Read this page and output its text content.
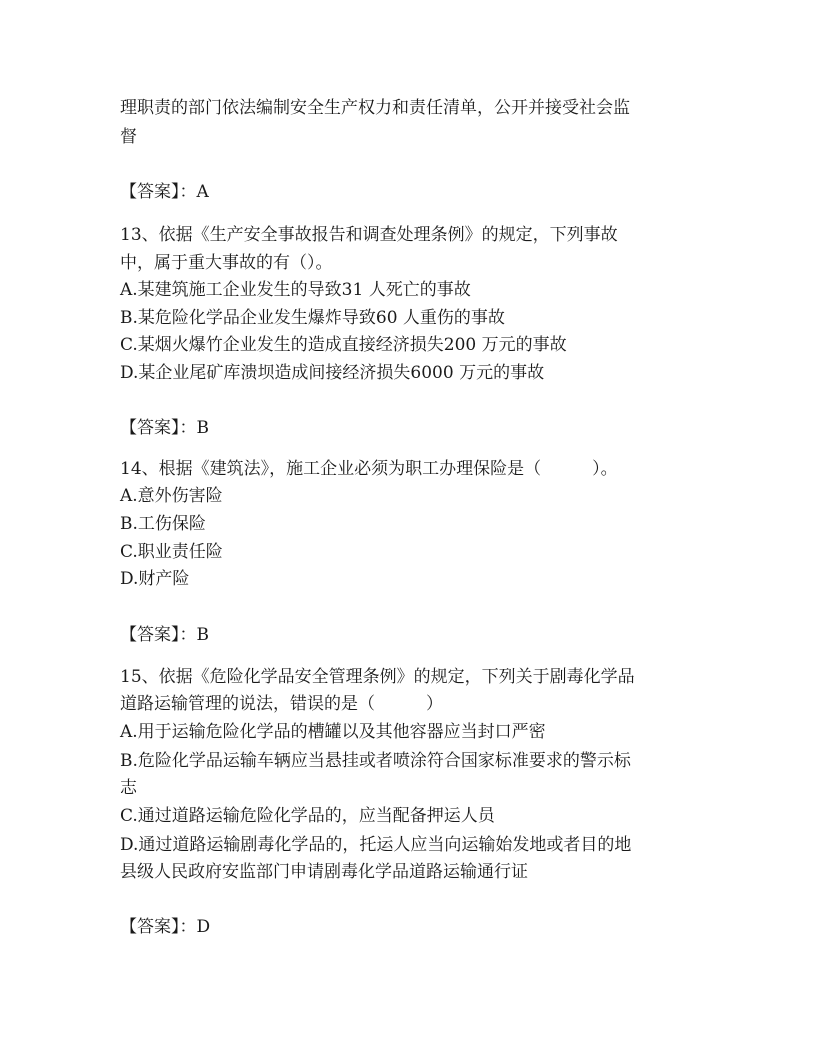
理职责的部门依法编制安全生产权力和责任清单，公开并接受社会监
督
【答案】：A
13、依据《生产安全事故报告和调查处理条例》的规定，下列事故
中，属于重大事故的有（）。
A.某建筑施工企业发生的导致31 人死亡的事故
B.某危险化学品企业发生爆炸导致60 人重伤的事故
C.某烟火爆竹企业发生的造成直接经济损失200 万元的事故
D.某企业尾矿库溃坝造成间接经济损失6000 万元的事故
【答案】：B
14、根据《建筑法》，施工企业必须为职工办理保险是（　　　）。
A.意外伤害险
B.工伤保险
C.职业责任险
D.财产险
【答案】：B
15、依据《危险化学品安全管理条例》的规定，下列关于剧毒化学品
道路运输管理的说法，错误的是（　　　）
A.用于运输危险化学品的槽罐以及其他容器应当封口严密
B.危险化学品运输车辆应当悬挂或者喷涂符合国家标准要求的警示标
志
C.通过道路运输危险化学品的，应当配备押运人员
D.通过道路运输剧毒化学品的，托运人应当向运输始发地或者目的地
县级人民政府安监部门申请剧毒化学品道路运输通行证
【答案】：D
